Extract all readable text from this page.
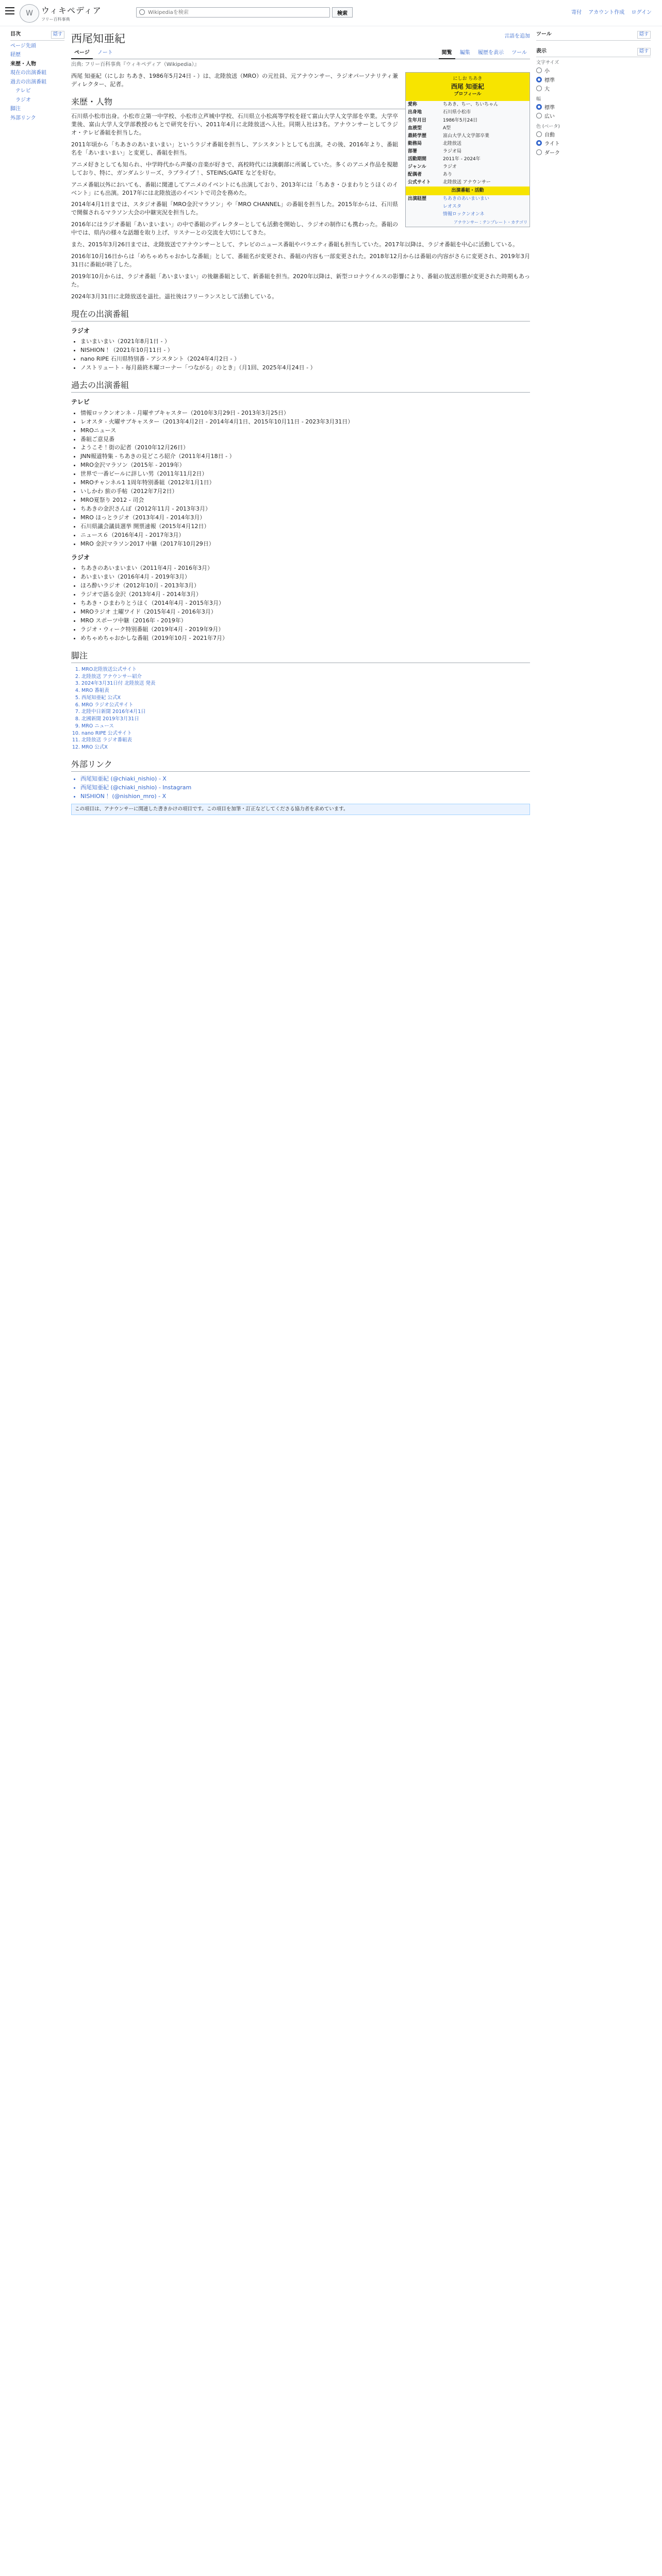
W	ウィキペディア
フリー百科事典
Wikipediaを検索
検索	寄付 アカウント作成 ログイン
目次	隠す
ページ先頭
経歴
来歴・人物
現在の出演番組
過去の出演番組
テレビ
ラジオ
脚注
外部リンク
西尾知亜紀	言語を追加
ページ ノート	閲覧 編集 履歴を表示 ツール
出典: フリー百科事典『ウィキペディア（Wikipedia）』
にしお ちあき
西尾 知亜紀
プロフィール
愛称	ちあき、ちー、ちいちゃん
出身地	石川県小松市
生年月日	1986年5月24日
血液型	A型
最終学歴	富山大学人文学部卒業
勤務局	北陸放送
部署	ラジオ局
活動期間	2011年 - 2024年
ジャンル	ラジオ
配偶者	あり
公式サイト	北陸放送 アナウンサー
出演番組・活動
出演経歴	ちあきのあいまいまい
	レオスタ
	情報ロックンオンネ
アナウンサー：テンプレート・カテゴリ

西尾 知亜紀（にしお ちあき、1986年5月24日 - ）は、北陸放送（MRO）の元社員、元アナウンサー、ラジオパーソナリティ兼ディレクター、記者。

来歴・人物

石川県小松市出身。小松市立第一中学校、小松市立芦城中学校、石川県立小松高等学校を経て富山大学人文学部を卒業。大学卒業後、富山大学人文学部教授のもとで研究を行い、2011年4月に北陸放送へ入社。同期入社は3名。アナウンサーとしてラジオ・テレビ番組を担当した。

2011年頃から「ちあきのあいまいまい」というラジオ番組を担当し、アシスタントとしても出演。その後、2016年より、番組名を「あいまいまい」と変更し、番組を担当。

アニメ好きとしても知られ、中学時代から声優の音楽が好きで、高校時代には演劇部に所属していた。多くのアニメ作品を視聴しており、特に、ガンダムシリーズ、ラブライブ！、STEINS;GATE などを好む。

アニメ番組以外においても、番組に関連してアニメのイベントにも出演しており、2013年には「ちあき・ひまわりとうほくのイベント」にも出演。2017年には北陸放送のイベントで司会を務めた。

2014年4月1日までは、スタジオ番組「MRO金沢マラソン」や「MRO CHANNEL」の番組を担当した。2015年からは、石川県で開催されるマラソン大会の中継実況を担当した。

2016年にはラジオ番組「あいまいまい」の中で番組のディレクターとしても活動を開始し、ラジオの制作にも携わった。番組の中では、県内の様々な話題を取り上げ、リスナーとの交流を大切にしてきた。

また、2015年3月26日までは、北陸放送でアナウンサーとして、テレビのニュース番組やバラエティ番組も担当していた。2017年以降は、ラジオ番組を中心に活動している。

2016年10月16日からは「めちゃめちゃおかしな番組」として、番組名が変更され、番組の内容も一部変更された。2018年12月からは番組の内容がさらに変更され、2019年3月31日に番組が終了した。

2019年10月からは、ラジオ番組「あいまいまい」の後継番組として、新番組を担当。2020年以降は、新型コロナウイルスの影響により、番組の放送形態が変更された時期もあった。

2024年3月31日に北陸放送を退社。退社後はフリーランスとして活動している。

現在の出演番組
ラジオ
• まいまいまい（2021年8月1日 - ）
• NISHION！（2021年10月11日 - ）
• nano RIPE 石川県特別番 - アシスタント（2024年4月2日 - ）
• ノストリュート - 毎月最終木曜コーナー「つながる」のとき」（月1回、2025年4月24日 - ）
過去の出演番組
テレビ
• 情報ロックンオンネ - 月曜サブキャスター（2010年3月29日 - 2013年3月25日）
• レオスタ - 火曜サブキャスター（2013年4月2日 - 2014年4月1日、2015年10月11日 - 2023年3月31日）
• MROニュース
• 番組ご意見番
• ようこそ！街の記者（2010年12月26日）
• JNN報道特集 - ちあきの見どころ紹介（2011年4月18日 - ）
• MRO金沢マラソン（2015年 - 2019年）
• 世界で一番ビールに詳しい男（2011年11月2日）
• MROチャンネル1 1周年特別番組（2012年1月1日）
• いしかわ 旅の手帖（2012年7月2日）
• MRO夏祭り 2012 - 司会
• ちあきの金沢さんぽ（2012年11月 - 2013年3月）
• MRO ほっとラジオ（2013年4月 - 2014年3月）
• 石川県議会議員選挙 開票速報（2015年4月12日）
• ニュース６（2016年4月 - 2017年3月）
• MRO 金沢マラソン2017 中継（2017年10月29日）
ラジオ
• ちあきのあいまいまい（2011年4月 - 2016年3月）
• あいまいまい（2016年4月 - 2019年3月）
• ほろ酔いラジオ（2012年10月 - 2013年3月）
• ラジオで語る金沢（2013年4月 - 2014年3月）
• ちあき・ひまわりとうほく（2014年4月 - 2015年3月）
• MROラジオ 土曜ワイド（2015年4月 - 2016年3月）
• MRO スポーツ中継（2016年 - 2019年）
• ラジオ・ウィーク特別番組（2019年4月 - 2019年9月）
• めちゃめちゃおかしな番組（2019年10月 - 2021年7月）
脚注
1. MRO北陸放送公式サイト
2. 北陸放送 アナウンサー紹介
3. 2024年3月31日付 北陸放送 発表
4. MRO 番組表
5. 西尾知亜紀 公式X
6. MRO ラジオ公式サイト
7. 北陸中日新聞 2016年4月1日
8. 北國新聞 2019年3月31日
9. MRO ニュース
10. nano RIPE 公式サイト
11. 北陸放送 ラジオ番組表
12. MRO 公式X
外部リンク
• 西尾知亜紀 (@chiaki_nishio) - X
• 西尾知亜紀 (@chiaki_nishio) - Instagram
• NISHION！ (@nishion_mro) - X
この項目は、アナウンサーに関連した書きかけの項目です。この項目を加筆・訂正などしてくださる協力者を求めています。
ツール	隠す
表示	隠す
文字サイズ
小
標準
大
幅
標準
広い
色 (ベータ)
自動
ライト
ダーク
